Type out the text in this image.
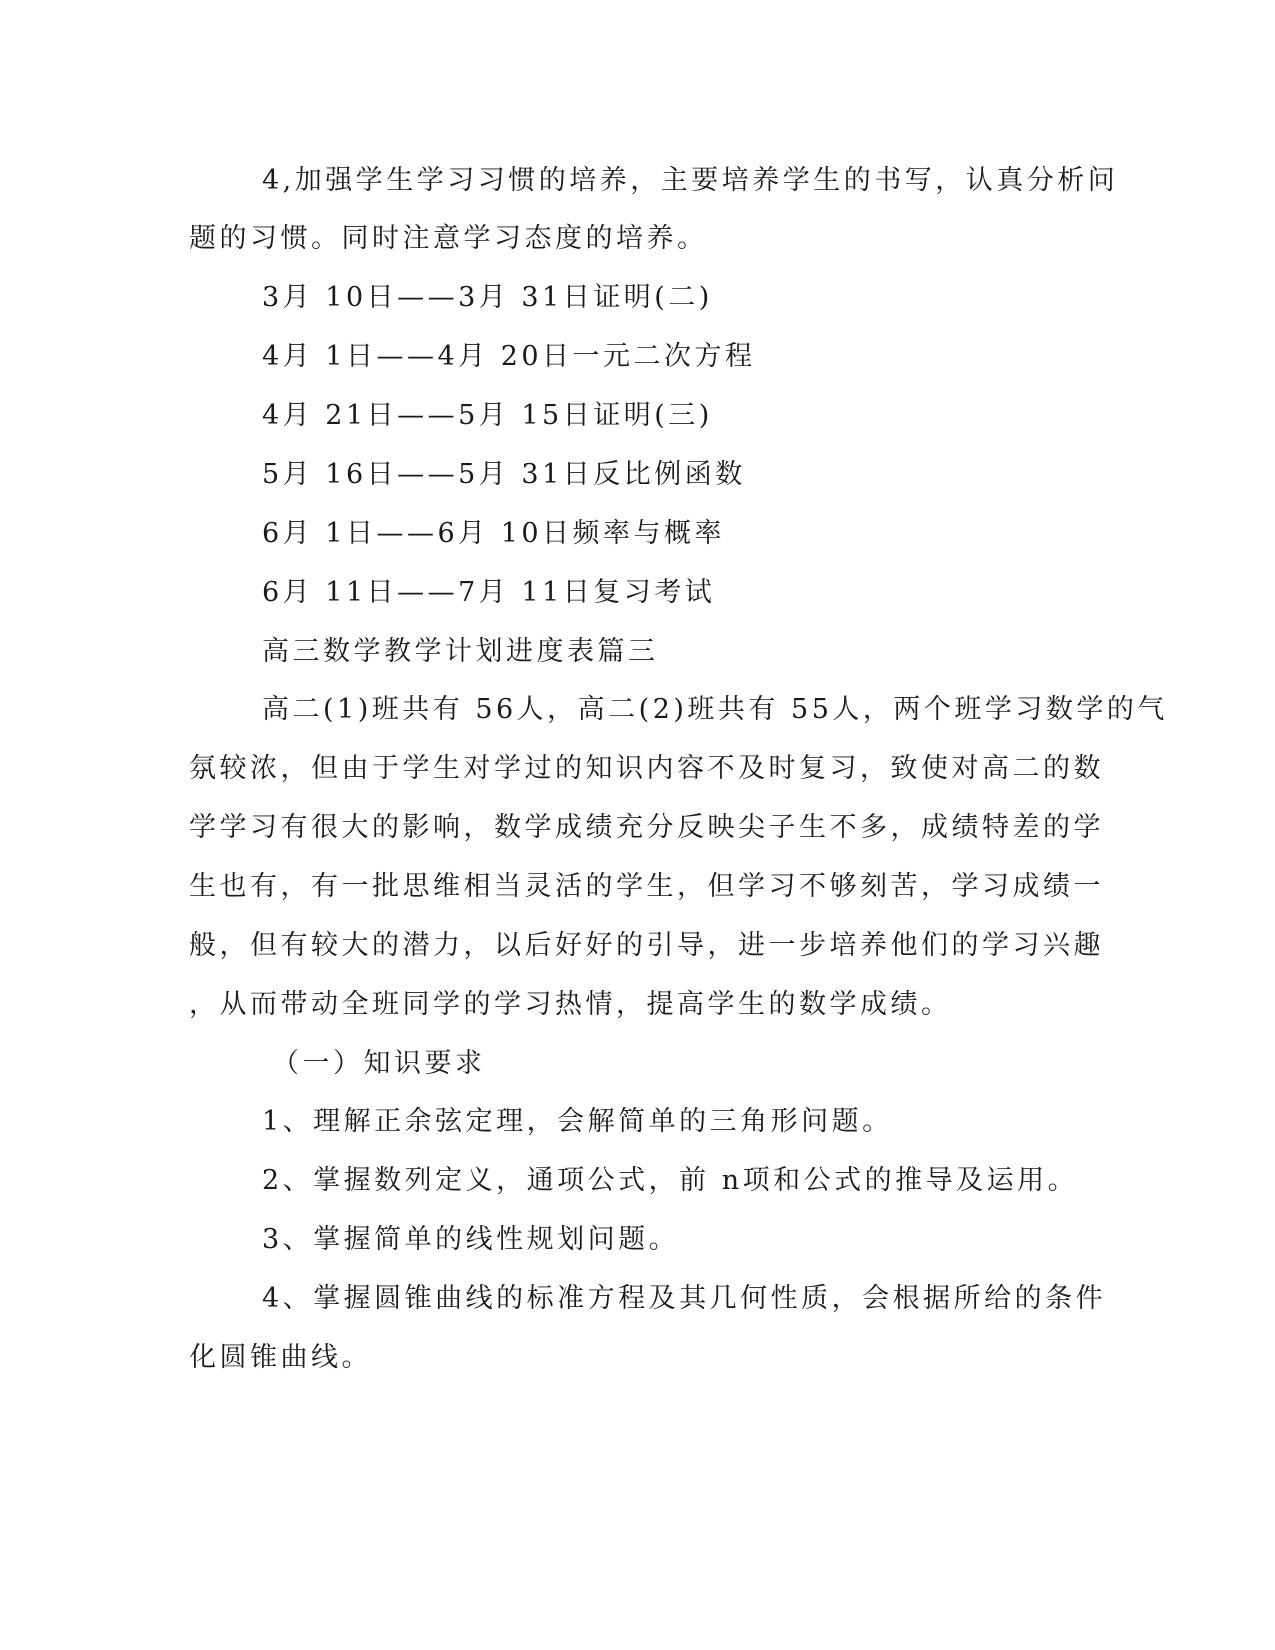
4,加强学生学习习惯的培养，主要培养学生的书写，认真分析问
题的习惯。同时注意学习态度的培养。
3月 10日——3月 31日证明(二)
4月 1日——4月 20日一元二次方程
4月 21日——5月 15日证明(三)
5月 16日——5月 31日反比例函数
6月 1日——6月 10日频率与概率
6月 11日——7月 11日复习考试
高三数学教学计划进度表篇三
高二(1)班共有 56人，高二(2)班共有 55人，两个班学习数学的气
氛较浓，但由于学生对学过的知识内容不及时复习，致使对高二的数
学学习有很大的影响，数学成绩充分反映尖子生不多，成绩特差的学
生也有，有一批思维相当灵活的学生，但学习不够刻苦，学习成绩一
般，但有较大的潜力，以后好好的引导，进一步培养他们的学习兴趣
，从而带动全班同学的学习热情，提高学生的数学成绩。
（一）知识要求
1、理解正余弦定理，会解简单的三角形问题。
2、掌握数列定义，通项公式，前 n项和公式的推导及运用。
3、掌握简单的线性规划问题。
4、掌握圆锥曲线的标准方程及其几何性质，会根据所给的条件
化圆锥曲线。
